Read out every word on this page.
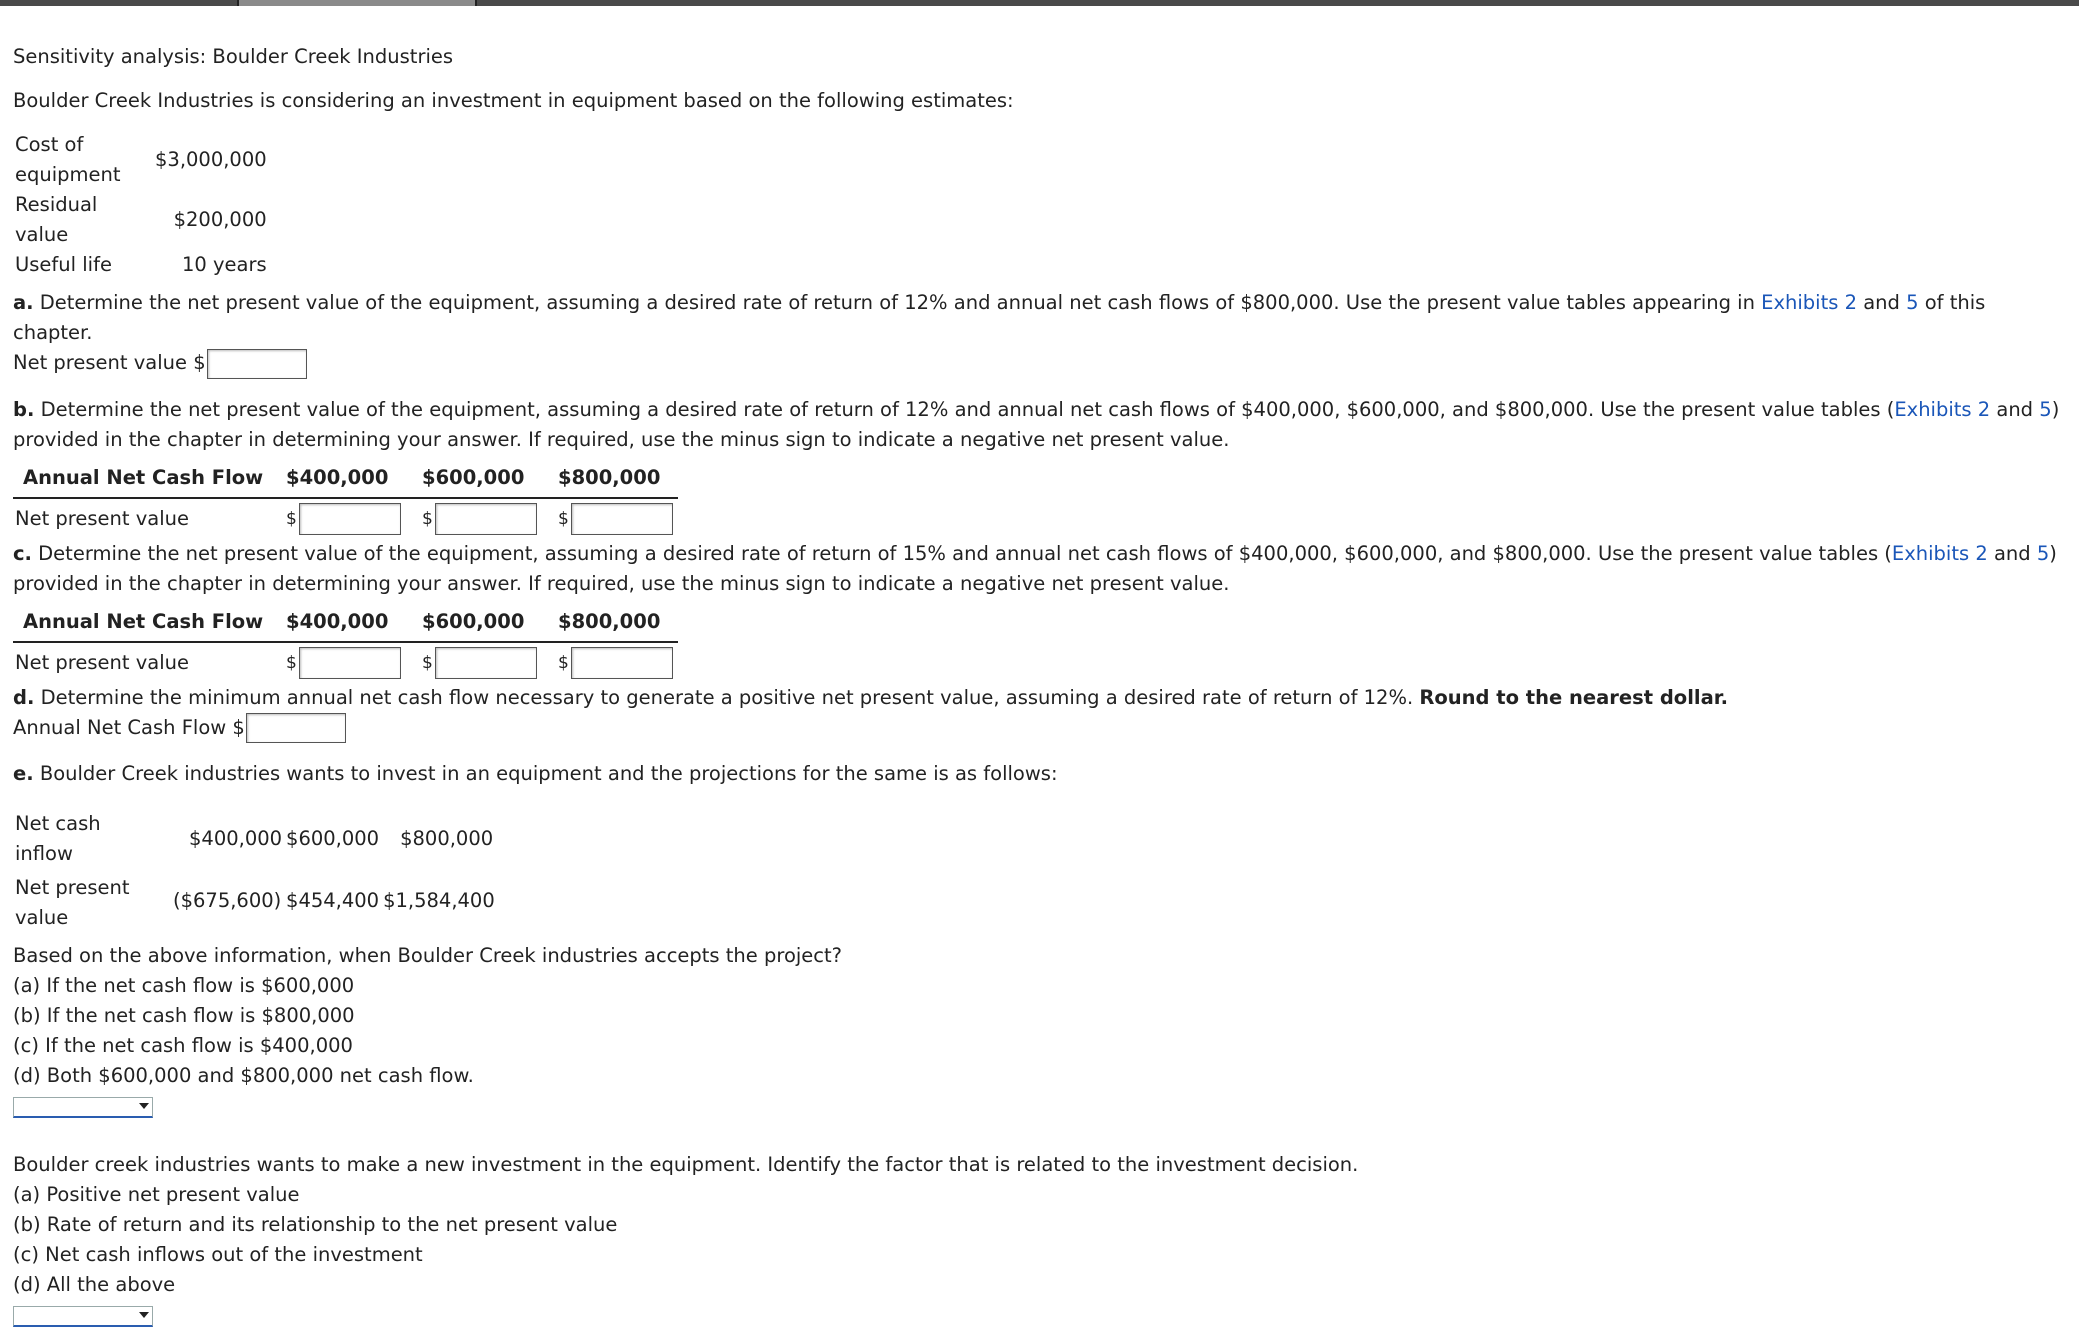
Sensitivity analysis: Boulder Creek Industries

Boulder Creek Industries is considering an investment in equipment based on the following estimates:

Cost of
equipment	$3,000,000
Residual value	$200,000
Useful life	10 years

a. Determine the net present value of the equipment, assuming a desired rate of return of 12% and annual net cash flows of $800,000. Use the present value tables appearing in Exhibits 2 and 5 of this chapter.

Net present value $

b. Determine the net present value of the equipment, assuming a desired rate of return of 12% and annual net cash flows of $400,000, $600,000, and $800,000. Use the present value tables (Exhibits 2 and 5) provided in the chapter in determining your answer. If required, use the minus sign to indicate a negative net present value.

Annual Net Cash Flow	$400,000	$600,000	$800,000
Net present value	$	$	$

c. Determine the net present value of the equipment, assuming a desired rate of return of 15% and annual net cash flows of $400,000, $600,000, and $800,000. Use the present value tables (Exhibits 2 and 5) provided in the chapter in determining your answer. If required, use the minus sign to indicate a negative net present value.

Annual Net Cash Flow	$400,000	$600,000	$800,000
Net present value	$	$	$

d. Determine the minimum annual net cash flow necessary to generate a positive net present value, assuming a desired rate of return of 12%. Round to the nearest dollar.

Annual Net Cash Flow $

e. Boulder Creek industries wants to invest in an equipment and the projections for the same is as follows:

Net cash
inflow	$400,000	$600,000	$800,000
Net present
value	($675,600)	$454,400	$1,584,400

Based on the above information, when Boulder Creek industries accepts the project?

(a) If the net cash flow is $600,000

(b) If the net cash flow is $800,000

(c) If the net cash flow is $400,000

(d) Both $600,000 and $800,000 net cash flow.

Boulder creek industries wants to make a new investment in the equipment. Identify the factor that is related to the investment decision.

(a) Positive net present value

(b) Rate of return and its relationship to the net present value

(c) Net cash inflows out of the investment

(d) All the above
